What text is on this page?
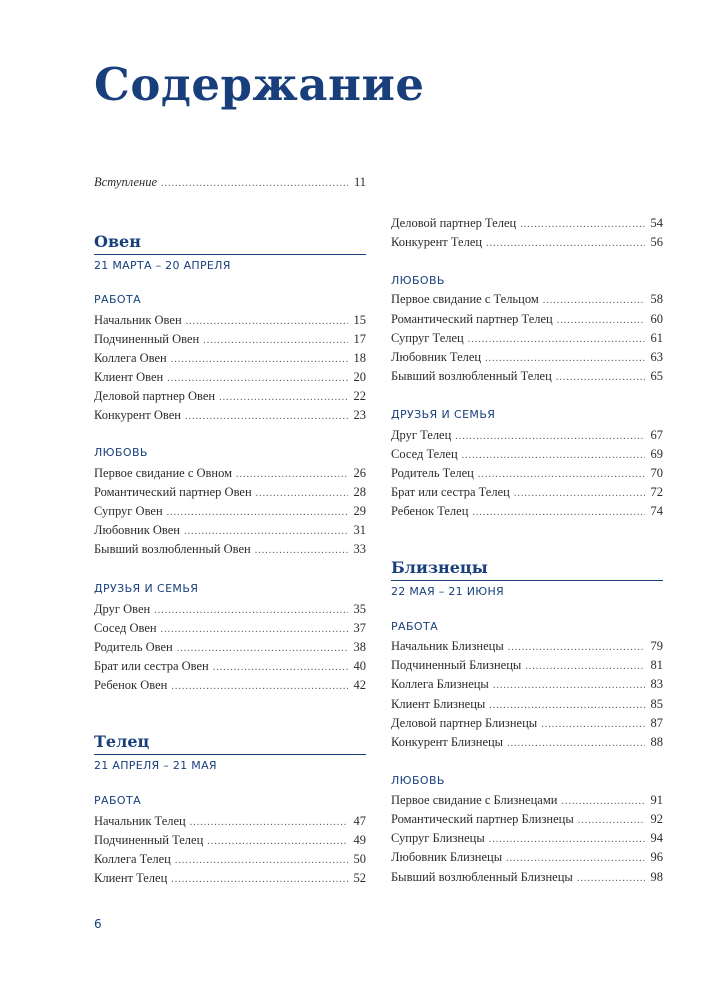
Содержание
Вступление .....	11
Овен
21 МАРТА – 20 АПРЕЛЯ
РАБОТА
Начальник Овен .....	15
Подчиненный Овен .....	17
Коллега Овен .....	18
Клиент Овен .....	20
Деловой партнер Овен .....	22
Конкурент Овен .....	23
ЛЮБОВЬ
Первое свидание с Овном .....	26
Романтический партнер Овен .....	28
Супруг Овен .....	29
Любовник Овен .....	31
Бывший возлюбленный Овен .....	33
ДРУЗЬЯ И СЕМЬЯ
Друг Овен .....	35
Сосед Овен .....	37
Родитель Овен .....	38
Брат или сестра Овен .....	40
Ребенок Овен .....	42
Телец
21 АПРЕЛЯ – 21 МАЯ
РАБОТА
Начальник Телец .....	47
Подчиненный Телец .....	49
Коллега Телец .....	50
Клиент Телец .....	52
Деловой партнер Телец .....	54
Конкурент Телец .....	56
ЛЮБОВЬ
Первое свидание с Тельцом .....	58
Романтический партнер Телец .....	60
Супруг Телец .....	61
Любовник Телец .....	63
Бывший возлюбленный Телец .....	65
ДРУЗЬЯ И СЕМЬЯ
Друг Телец .....	67
Сосед Телец .....	69
Родитель Телец .....	70
Брат или сестра Телец .....	72
Ребенок Телец .....	74
Близнецы
22 МАЯ – 21 ИЮНЯ
РАБОТА
Начальник Близнецы .....	79
Подчиненный Близнецы .....	81
Коллега Близнецы .....	83
Клиент Близнецы .....	85
Деловой партнер Близнецы .....	87
Конкурент Близнецы .....	88
ЛЮБОВЬ
Первое свидание с Близнецами .....	91
Романтический партнер Близнецы .....	92
Супруг Близнецы .....	94
Любовник Близнецы .....	96
Бывший возлюбленный Близнецы .....	98
6
